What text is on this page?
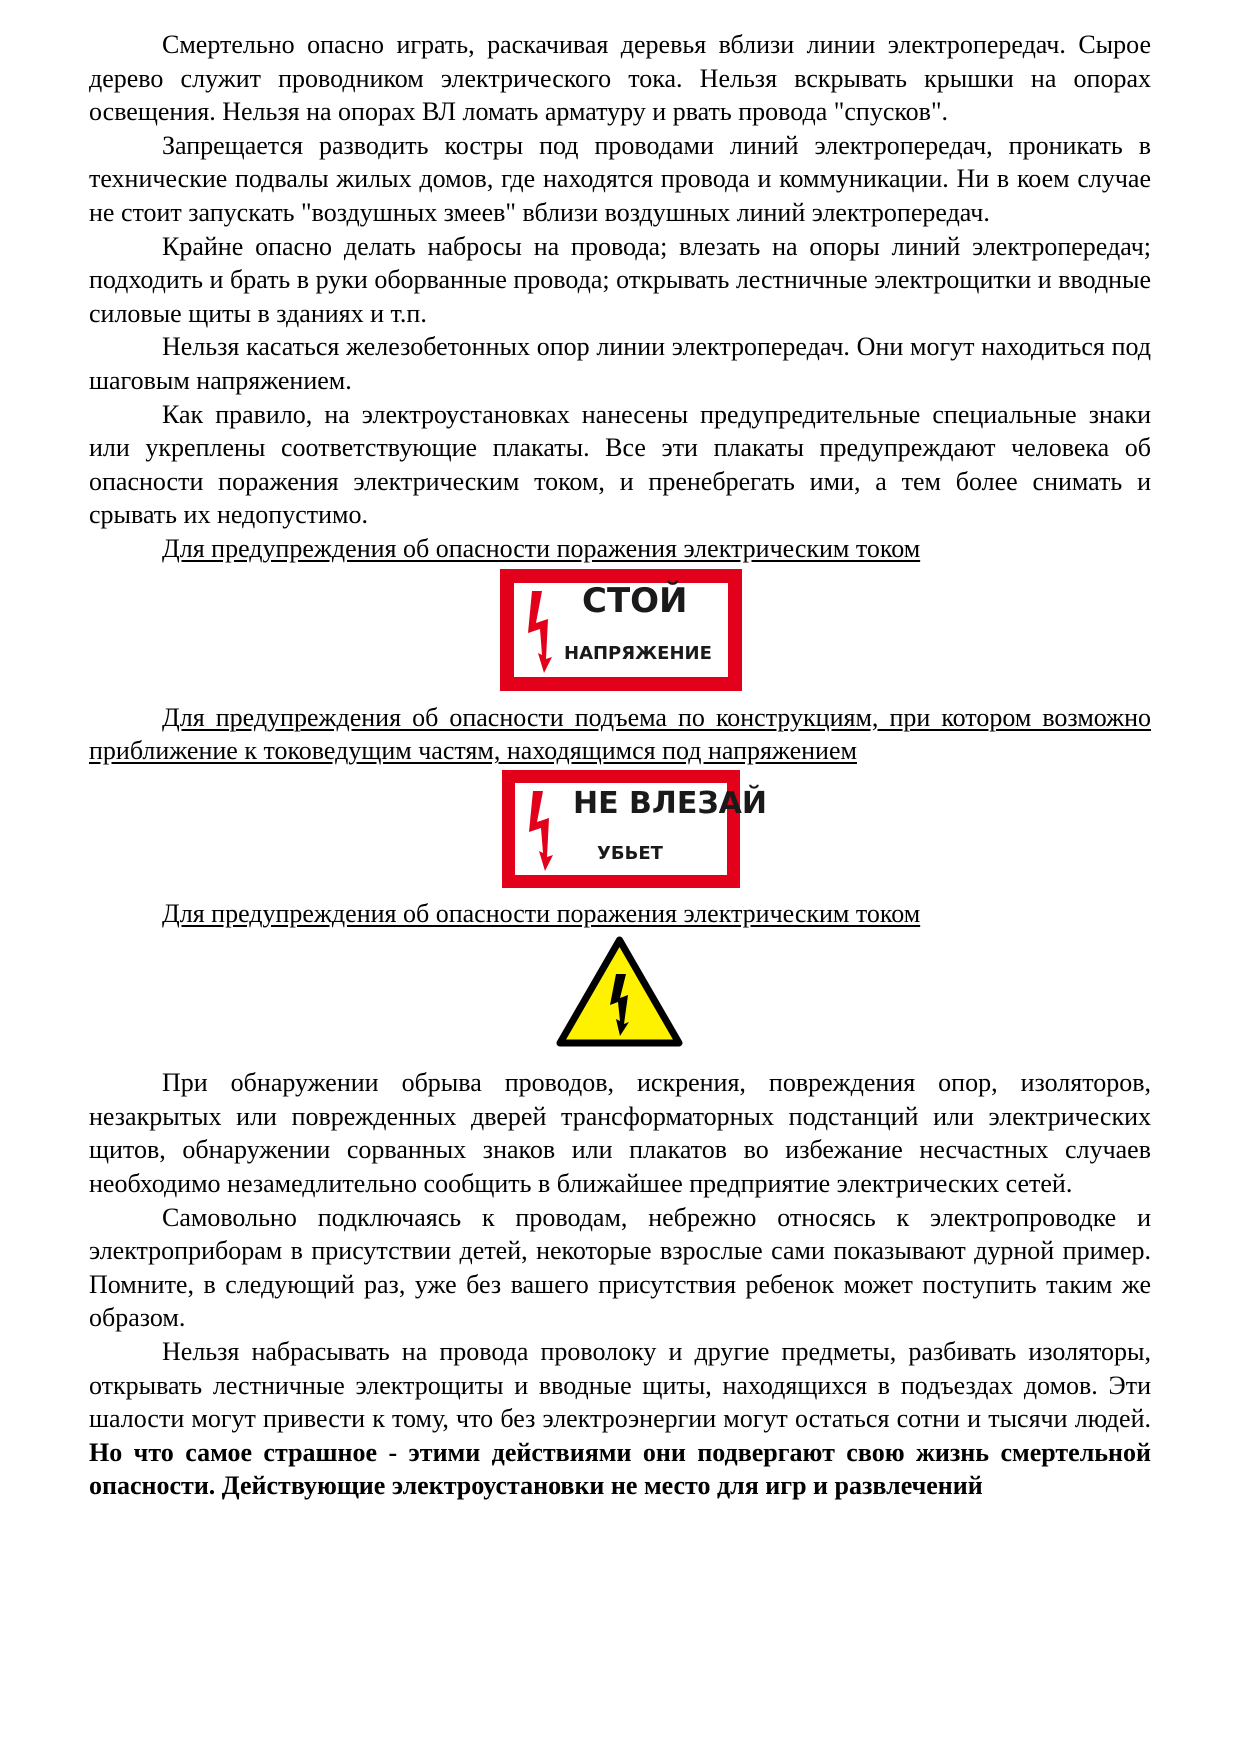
Смертельно опасно играть, раскачивая деревья вблизи линии электропередач. Сырое дерево служит проводником электрического тока. Нельзя вскрывать крышки на опорах освещения. Нельзя на опорах ВЛ ломать арматуру и рвать провода "спусков".

Запрещается разводить костры под проводами линий электропередач, проникать в технические подвалы жилых домов, где находятся провода и коммуникации. Ни в коем случае не стоит запускать "воздушных змеев" вблизи воздушных линий электропередач.

Крайне опасно делать набросы на провода; влезать на опоры линий электропередач; подходить и брать в руки оборванные провода; открывать лестничные электрощитки и вводные силовые щиты в зданиях и т.п.

Нельзя касаться железобетонных опор линии электропередач. Они могут находиться под шаговым напряжением.

Как правило, на электроустановках нанесены предупредительные специальные знаки или укреплены соответствующие плакаты. Все эти плакаты предупреждают человека об опасности поражения электрическим током, и пренебрегать ими, а тем более снимать и срывать их недопустимо.

Для предупреждения об опасности поражения электрическим током

СТОЙ
НАПРЯЖЕНИЕ

Для предупреждения об опасности подъема по конструкциям, при котором возможно приближение к токоведущим частям, находящимся под напряжением

НЕ ВЛЕЗАЙ
УБЬЕТ

Для предупреждения об опасности поражения электрическим током

При обнаружении обрыва проводов, искрения, повреждения опор, изоляторов, незакрытых или поврежденных дверей трансформаторных подстанций или электрических щитов, обнаружении сорванных знаков или плакатов во избежание несчастных случаев необходимо незамедлительно сообщить в ближайшее предприятие электрических сетей.

Самовольно подключаясь к проводам, небрежно относясь к электропроводке и электроприборам в присутствии детей, некоторые взрослые сами показывают дурной пример. Помните, в следующий раз, уже без вашего присутствия ребенок может поступить таким же образом.

Нельзя набрасывать на провода проволоку и другие предметы, разбивать изоляторы, открывать лестничные электрощиты и вводные щиты, находящихся в подъездах домов. Эти шалости могут привести к тому, что без электроэнергии могут остаться сотни и тысячи людей. Но что самое страшное - этими действиями они подвергают свою жизнь смертельной опасности. Действующие электроустановки не место для игр и развлечений
